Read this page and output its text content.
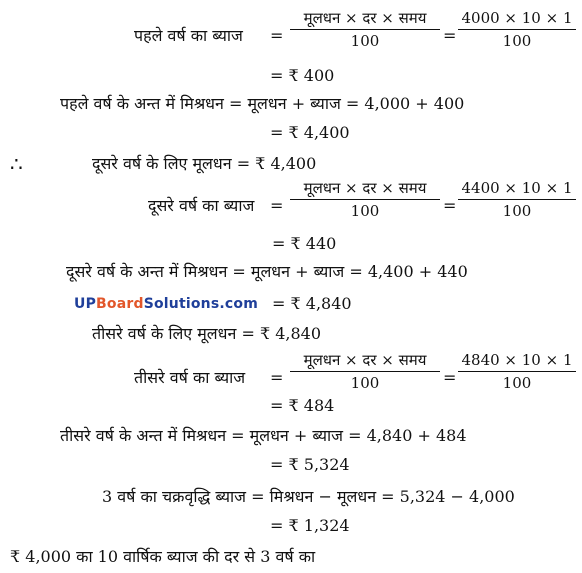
पहले वर्ष का ब्याज =
मूलधन × दर × समय
100	= $\frac{4000 \times 10 \times 1}{100}$
= ₹ 400
पहले वर्ष के अन्त में मिश्रधन = मूलधन + ब्याज = 4,000 + 400
= ₹ 4,400
∴	दूसरे वर्ष के लिए मूलधन = ₹ 4,400
दूसरे वर्ष का ब्याज =
मूलधन × दर × समय
100	= $\frac{4400 \times 10 \times 1}{100}$
= ₹ 440
दूसरे वर्ष के अन्त में मिश्रधन = मूलधन + ब्याज = 4,400 + 440
UPBoardSolutions.com = ₹ 4,840
तीसरे वर्ष के लिए मूलधन = ₹ 4,840
तीसरे वर्ष का ब्याज =
मूलधन × दर × समय
100	= $\frac{4840 \times 10 \times 1}{100}$
= ₹ 484
तीसरे वर्ष के अन्त में मिश्रधन = मूलधन + ब्याज = 4,840 + 484
= ₹ 5,324
3 वर्ष का चक्रवृद्धि ब्याज = मिश्रधन − मूलधन = 5,324 − 4,000
= ₹ 1,324
₹ 4,000 का 10 वार्षिक ब्याज की दर से 3 वर्ष का
